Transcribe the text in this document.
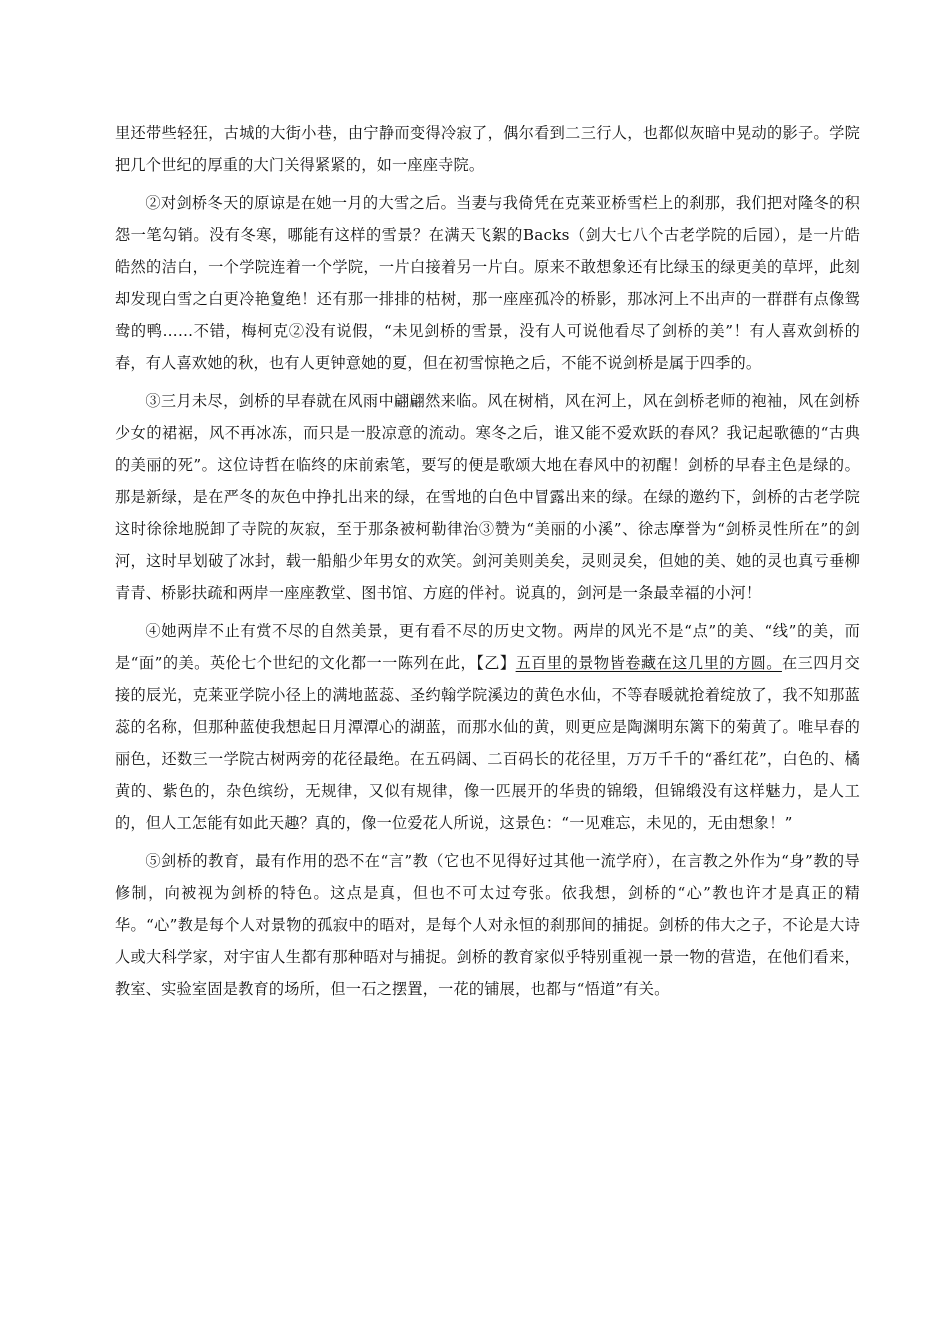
里还带些轻狂，古城的大街小巷，由宁静而变得冷寂了，偶尔看到二三行人，也都似灰暗中晃动的影子。学院把几个世纪的厚重的大门关得紧紧的，如一座座寺院。

②对剑桥冬天的原谅是在她一月的大雪之后。当妻与我倚凭在克莱亚桥雪栏上的刹那，我们把对隆冬的积怨一笔勾销。没有冬寒，哪能有这样的雪景？在满天飞絮的Backs（剑大七八个古老学院的后园），是一片皓皓然的洁白，一个学院连着一个学院，一片白接着另一片白。原来不敢想象还有比绿玉的绿更美的草坪，此刻却发现白雪之白更冷艳夐绝！还有那一排排的枯树，那一座座孤冷的桥影，那冰河上不出声的一群群有点像鸳鸯的鸭……不错，梅柯克②没有说假，“未见剑桥的雪景，没有人可说他看尽了剑桥的美”！有人喜欢剑桥的春，有人喜欢她的秋，也有人更钟意她的夏，但在初雪惊艳之后，不能不说剑桥是属于四季的。

③三月未尽，剑桥的早春就在风雨中翩翩然来临。风在树梢，风在河上，风在剑桥老师的袍袖，风在剑桥少女的裙裾，风不再冰冻，而只是一股凉意的流动。寒冬之后，谁又能不爱欢跃的春风？我记起歌德的“古典的美丽的死”。这位诗哲在临终的床前索笔，要写的便是歌颂大地在春风中的初醒！剑桥的早春主色是绿的。那是新绿，是在严冬的灰色中挣扎出来的绿，在雪地的白色中冒露出来的绿。在绿的邀约下，剑桥的古老学院这时徐徐地脱卸了寺院的灰寂，至于那条被柯勒律治③赞为“美丽的小溪”、徐志摩誉为“剑桥灵性所在”的剑河，这时早划破了冰封，载一船船少年男女的欢笑。剑河美则美矣，灵则灵矣，但她的美、她的灵也真亏垂柳青青、桥影扶疏和两岸一座座教堂、图书馆、方庭的伴衬。说真的，剑河是一条最幸福的小河！

④她两岸不止有赏不尽的自然美景，更有看不尽的历史文物。两岸的风光不是“点”的美、“线”的美，而是“面”的美。英伦七个世纪的文化都一一陈列在此，【乙】五百里的景物皆卷藏在这几里的方圆。在三四月交接的辰光，克莱亚学院小径上的满地蓝蕊、圣约翰学院溪边的黄色水仙，不等春暖就抢着绽放了，我不知那蓝蕊的名称，但那种蓝使我想起日月潭潭心的湖蓝，而那水仙的黄，则更应是陶渊明东篱下的菊黄了。唯早春的丽色，还数三一学院古树两旁的花径最绝。在五码阔、二百码长的花径里，万万千千的“番红花”，白色的、橘黄的、紫色的，杂色缤纷，无规律，又似有规律，像一匹展开的华贵的锦缎，但锦缎没有这样魅力，是人工的，但人工怎能有如此天趣？真的，像一位爱花人所说，这景色：“一见难忘，未见的，无由想象！”

⑤剑桥的教育，最有作用的恐不在“言”教（它也不见得好过其他一流学府），在言教之外作为“身”教的导修制，向被视为剑桥的特色。这点是真，但也不可太过夸张。依我想，剑桥的“心”教也许才是真正的精华。“心”教是每个人对景物的孤寂中的晤对，是每个人对永恒的刹那间的捕捉。剑桥的伟大之子，不论是大诗人或大科学家，对宇宙人生都有那种晤对与捕捉。剑桥的教育家似乎特别重视一景一物的营造，在他们看来，教室、实验室固是教育的场所，但一石之摆置，一花的铺展，也都与“悟道”有关。
